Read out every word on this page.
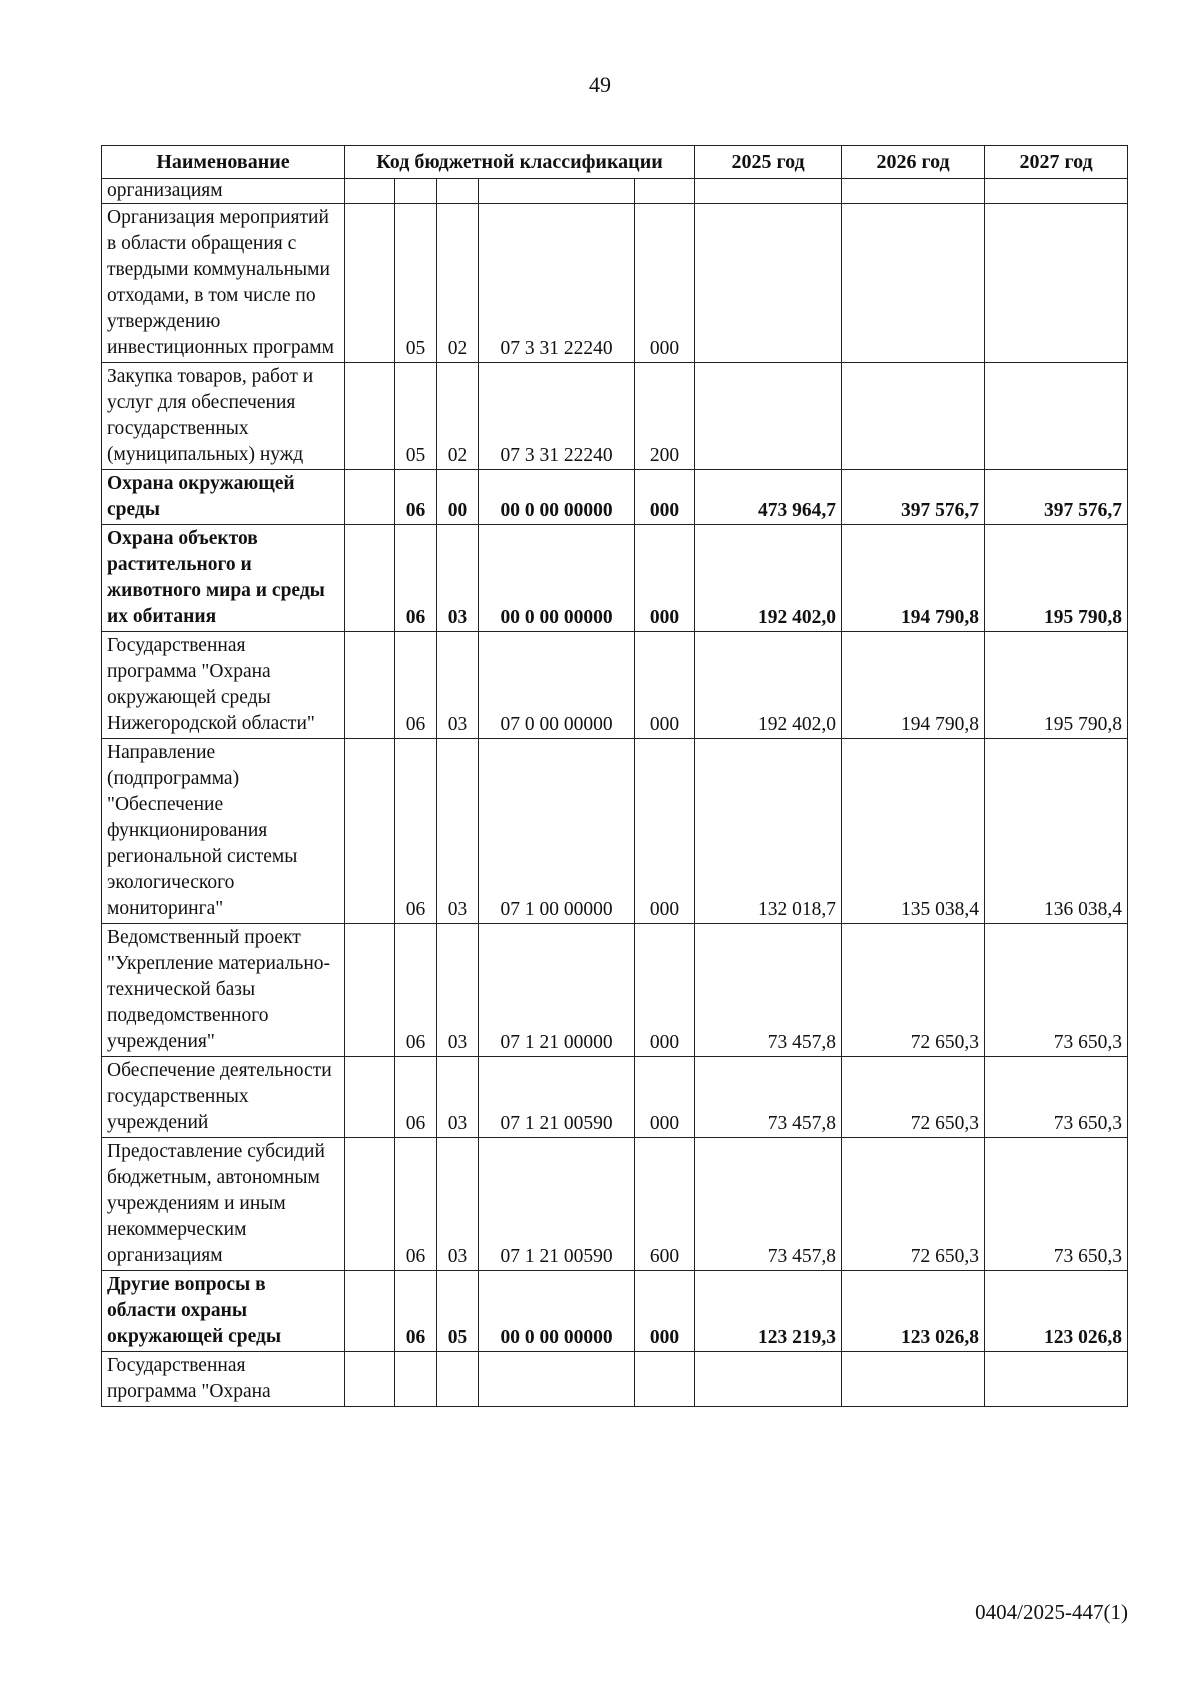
49
Наименование	Код бюджетной классификации					2025 год	2026 год	2027 год
организациям								
Организация мероприятий в области обращения с твердыми коммунальными отходами, в том числе по утверждению инвестиционных программ		05	02	07 3 31 22240	000			
Закупка товаров, работ и услуг для обеспечения государственных (муниципальных) нужд		05	02	07 3 31 22240	200			
Охрана окружающей среды		06	00	00 0 00 00000	000	473 964,7	397 576,7	397 576,7
Охрана объектов растительного и животного мира и среды их обитания		06	03	00 0 00 00000	000	192 402,0	194 790,8	195 790,8
Государственная программа "Охрана окружающей среды Нижегородской области"		06	03	07 0 00 00000	000	192 402,0	194 790,8	195 790,8
Направление (подпрограмма) "Обеспечение функционирования региональной системы экологического мониторинга"		06	03	07 1 00 00000	000	132 018,7	135 038,4	136 038,4
Ведомственный проект "Укрепление материально-технической базы подведомственного учреждения"		06	03	07 1 21 00000	000	73 457,8	72 650,3	73 650,3
Обеспечение деятельности государственных учреждений		06	03	07 1 21 00590	000	73 457,8	72 650,3	73 650,3
Предоставление субсидий бюджетным, автономным учреждениям и иным некоммерческим организациям		06	03	07 1 21 00590	600	73 457,8	72 650,3	73 650,3
Другие вопросы в области охраны окружающей среды		06	05	00 0 00 00000	000	123 219,3	123 026,8	123 026,8
Государственная программа "Охрана								
0404/2025-447(1)
